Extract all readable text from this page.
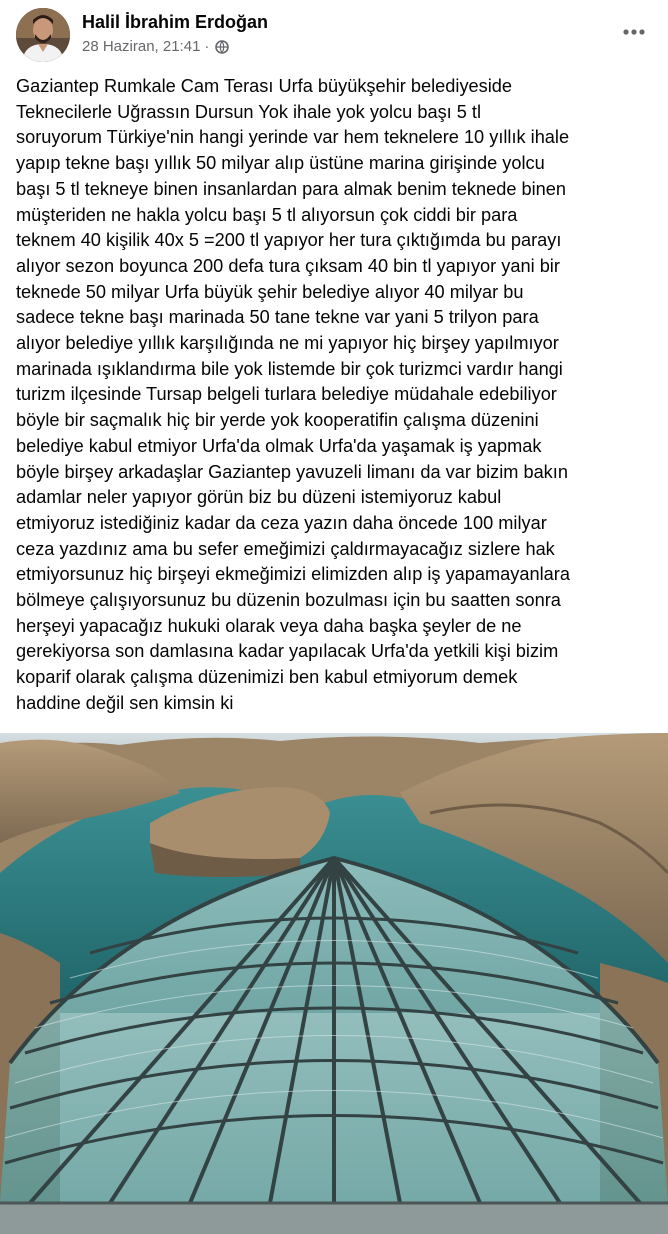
Halil İbrahim Erdoğan
28 Haziran, 21:41 ·
Gaziantep Rumkale Cam Terası Urfa büyükşehir belediyeside
Teknecilerle Uğrassın Dursun Yok ihale yok yolcu başı 5 tl
soruyorum Türkiye'nin hangi yerinde var hem teknelere 10 yıllık ihale
yapıp tekne başı yıllık 50 milyar alıp üstüne marina girişinde yolcu
başı 5 tl tekneye binen insanlardan para almak benim teknede binen
müşteriden ne hakla yolcu başı 5 tl alıyorsun çok ciddi bir para
teknem 40 kişilik 40x 5 =200 tl yapıyor her tura çıktığımda bu parayı
alıyor sezon boyunca 200 defa tura çıksam 40 bin tl yapıyor yani bir
teknede 50 milyar Urfa büyük şehir belediye alıyor 40 milyar bu
sadece tekne başı marinada 50 tane tekne var yani 5 trilyon para
alıyor belediye yıllık karşılığında ne mi yapıyor hiç birşey yapılmıyor
marinada ışıklandırma bile yok listemde bir çok turizmci vardır hangi
turizm ilçesinde Tursap belgeli turlara belediye müdahale edebiliyor
böyle bir saçmalık hiç bir yerde yok kooperatifin çalışma düzenini
belediye kabul etmiyor Urfa'da olmak Urfa'da yaşamak iş yapmak
böyle birşey arkadaşlar Gaziantep yavuzeli limanı da var bizim bakın
adamlar neler yapıyor görün biz bu düzeni istemiyoruz kabul
etmiyoruz istediğiniz kadar da ceza yazın daha öncede 100 milyar
ceza yazdınız ama bu sefer emeğimizi çaldırmayacağız sizlere hak
etmiyorsunuz hiç birşeyi ekmeğimizi elimizden alıp iş yapamayanlara
bölmeye çalışıyorsunuz bu düzenin bozulması için bu saatten sonra
herşeyi yapacağız hukuki olarak veya daha başka şeyler de ne
gerekiyorsa son damlasına kadar yapılacak Urfa'da yetkili kişi bizim
koparif olarak çalışma düzenimizi ben kabul etmiyorum demek
haddine değil sen kimsin ki
